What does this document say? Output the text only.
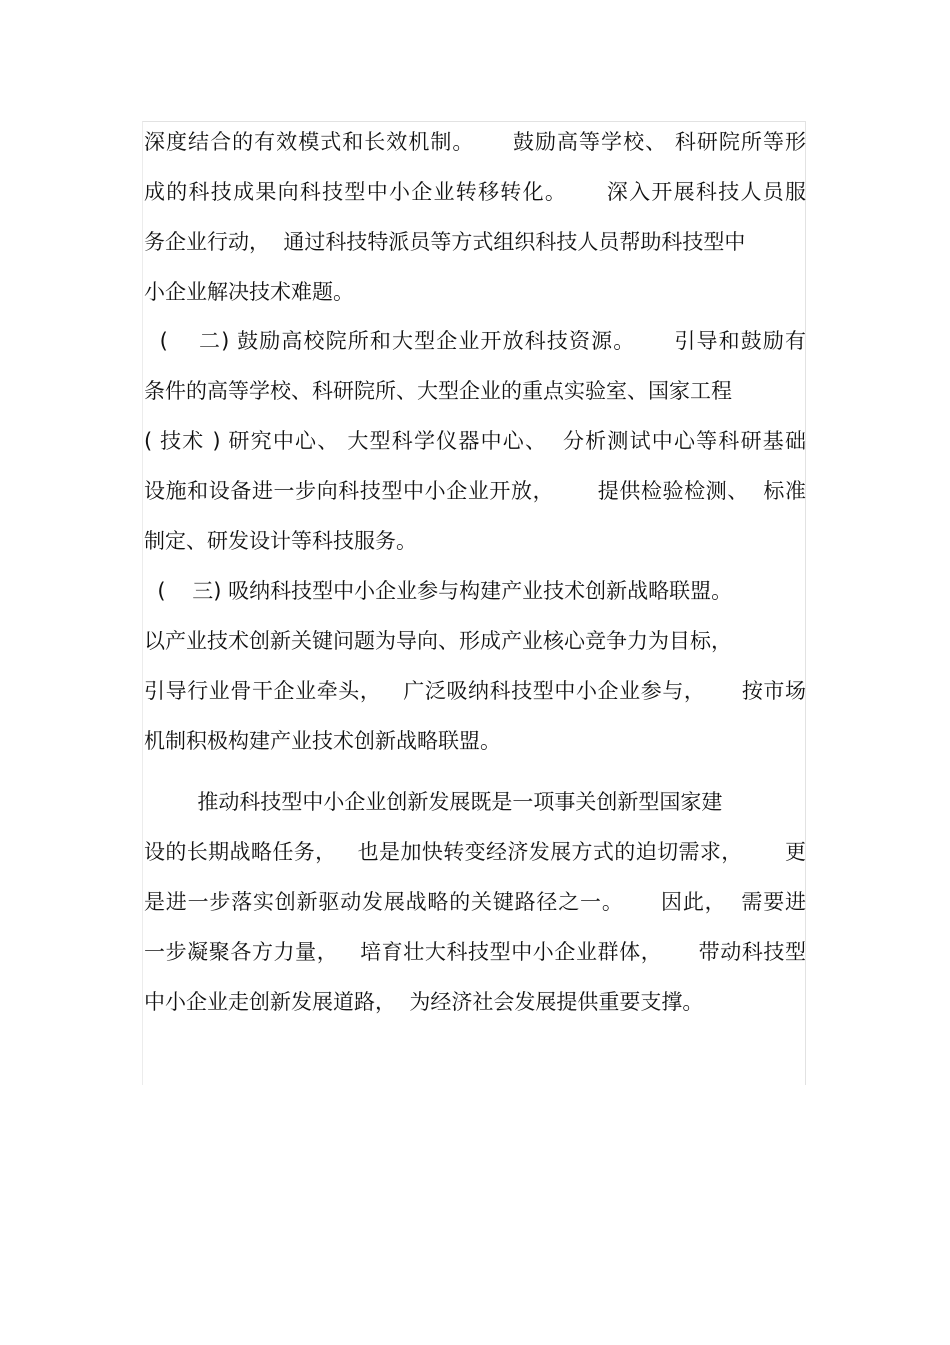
深度结合的有效模式和长效机制。     鼓励高等学校、 科研院所等形
成的科技成果向科技型中小企业转移转化。     深入开展科技人员服
务企业行动，  通过科技特派员等方式组织科技人员帮助科技型中
小企业解决技术难题。
(    二) 鼓励高校院所和大型企业开放科技资源。     引导和鼓励有
条件的高等学校、科研院所、大型企业的重点实验室、国家工程
( 技术 ) 研究中心、 大型科学仪器中心、  分析测试中心等科研基础
设施和设备进一步向科技型中小企业开放，      提供检验检测、  标准
制定、研发设计等科技服务。
(    三) 吸纳科技型中小企业参与构建产业技术创新战略联盟。
以产业技术创新关键问题为导向、形成产业核心竞争力为目标，
引导行业骨干企业牵头，   广泛吸纳科技型中小企业参与，     按市场
机制积极构建产业技术创新战略联盟。
推动科技型中小企业创新发展既是一项事关创新型国家建
设的长期战略任务，   也是加快转变经济发展方式的迫切需求，      更
是进一步落实创新驱动发展战略的关键路径之一。     因此，  需要进
一步凝聚各方力量，   培育壮大科技型中小企业群体，     带动科技型
中小企业走创新发展道路，  为经济社会发展提供重要支撑。
